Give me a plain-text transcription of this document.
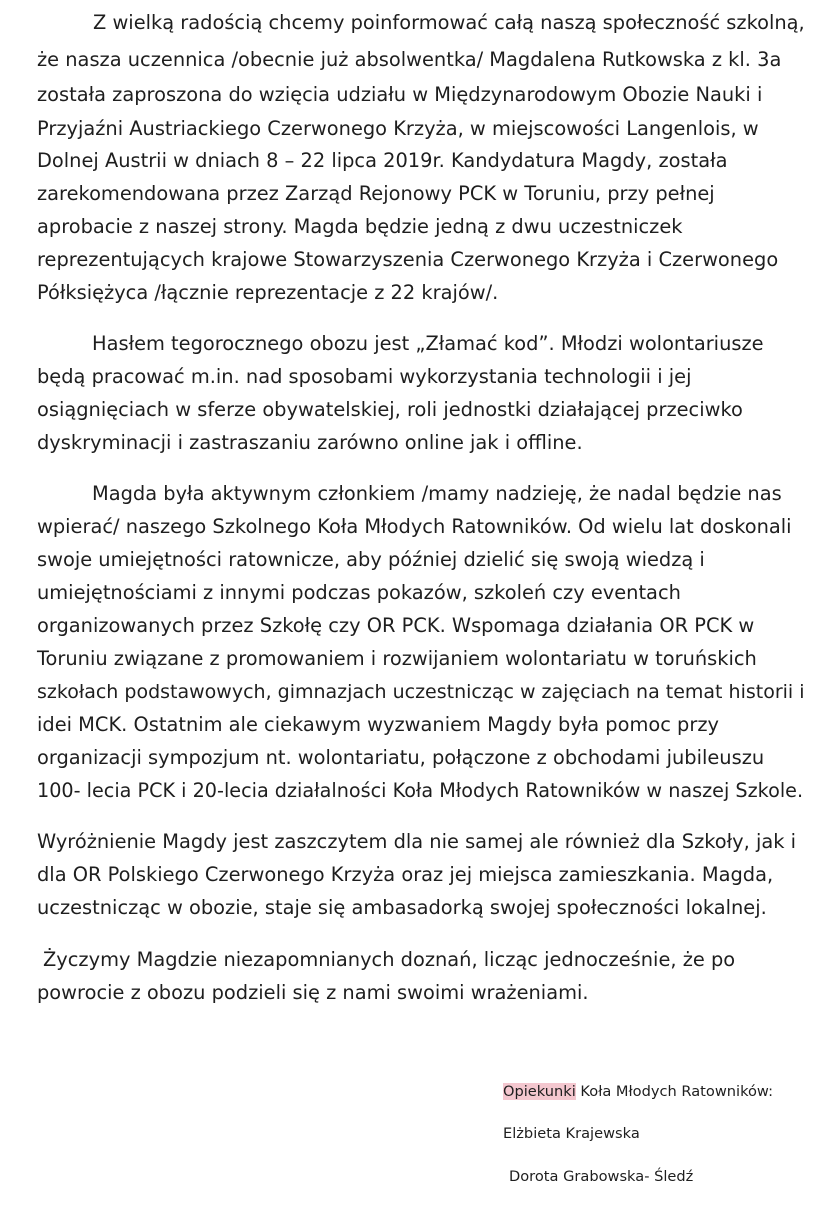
Z wielką radością chcemy poinformować całą naszą społeczność szkolną,
że nasza uczennica /obecnie już absolwentka/ Magdalena Rutkowska z kl. 3a
została zaproszona do wzięcia udziału w Międzynarodowym Obozie Nauki i
Przyjaźni Austriackiego Czerwonego Krzyża, w miejscowości Langenlois, w
Dolnej Austrii w dniach 8 – 22 lipca 2019r. Kandydatura Magdy, została
zarekomendowana przez Zarząd Rejonowy PCK w Toruniu, przy pełnej
aprobacie z naszej strony. Magda będzie jedną z dwu uczestniczek
reprezentujących krajowe Stowarzyszenia Czerwonego Krzyża i Czerwonego
Półksiężyca /łącznie reprezentacje z 22 krajów/.
Hasłem tegorocznego obozu jest „Złamać kod”. Młodzi wolontariusze
będą pracować m.in. nad sposobami wykorzystania technologii i jej
osiągnięciach w sferze obywatelskiej, roli jednostki działającej przeciwko
dyskryminacji i zastraszaniu zarówno online jak i offline.
Magda była aktywnym członkiem /mamy nadzieję, że nadal będzie nas
wpierać/ naszego Szkolnego Koła Młodych Ratowników. Od wielu lat doskonali
swoje umiejętności ratownicze, aby później dzielić się swoją wiedzą i
umiejętnościami z innymi podczas pokazów, szkoleń czy eventach
organizowanych przez Szkołę czy OR PCK. Wspomaga działania OR PCK w
Toruniu związane z promowaniem i rozwijaniem wolontariatu w toruńskich
szkołach podstawowych, gimnazjach uczestnicząc w zajęciach na temat historii i
idei MCK. Ostatnim ale ciekawym wyzwaniem Magdy była pomoc przy
organizacji sympozjum nt. wolontariatu, połączone z obchodami jubileuszu
100- lecia PCK i 20-lecia działalności Koła Młodych Ratowników w naszej Szkole.
Wyróżnienie Magdy jest zaszczytem dla nie samej ale również dla Szkoły, jak i
dla OR Polskiego Czerwonego Krzyża oraz jej miejsca zamieszkania. Magda,
uczestnicząc w obozie, staje się ambasadorką swojej społeczności lokalnej.
Życzymy Magdzie niezapomnianych doznań, licząc jednocześnie, że po
powrocie z obozu podzieli się z nami swoimi wrażeniami.
Opiekunki Koła Młodych Ratowników:
Elżbieta Krajewska
Dorota Grabowska- Śledź
